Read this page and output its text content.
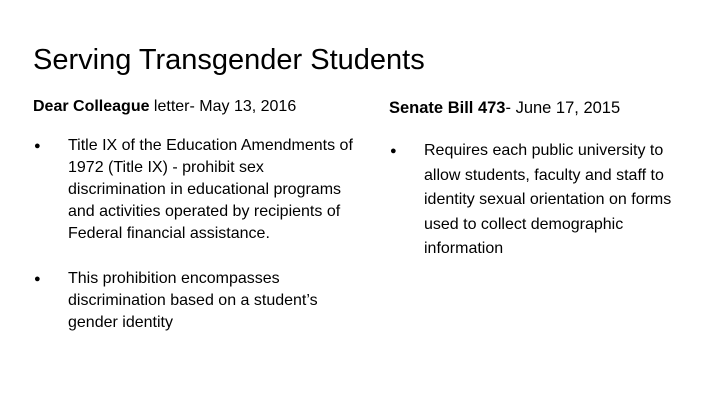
Serving Transgender Students
Dear Colleague letter- May 13, 2016
● Title IX of the Education Amendments of 1972 (Title IX) - prohibit sex discrimination in educational programs and activities operated by recipients of Federal financial assistance.
● This prohibition encompasses discrimination based on a student’s gender identity
Senate Bill 473- June 17, 2015
● Requires each public university to allow students, faculty and staff to identity sexual orientation on forms used to collect demographic information
